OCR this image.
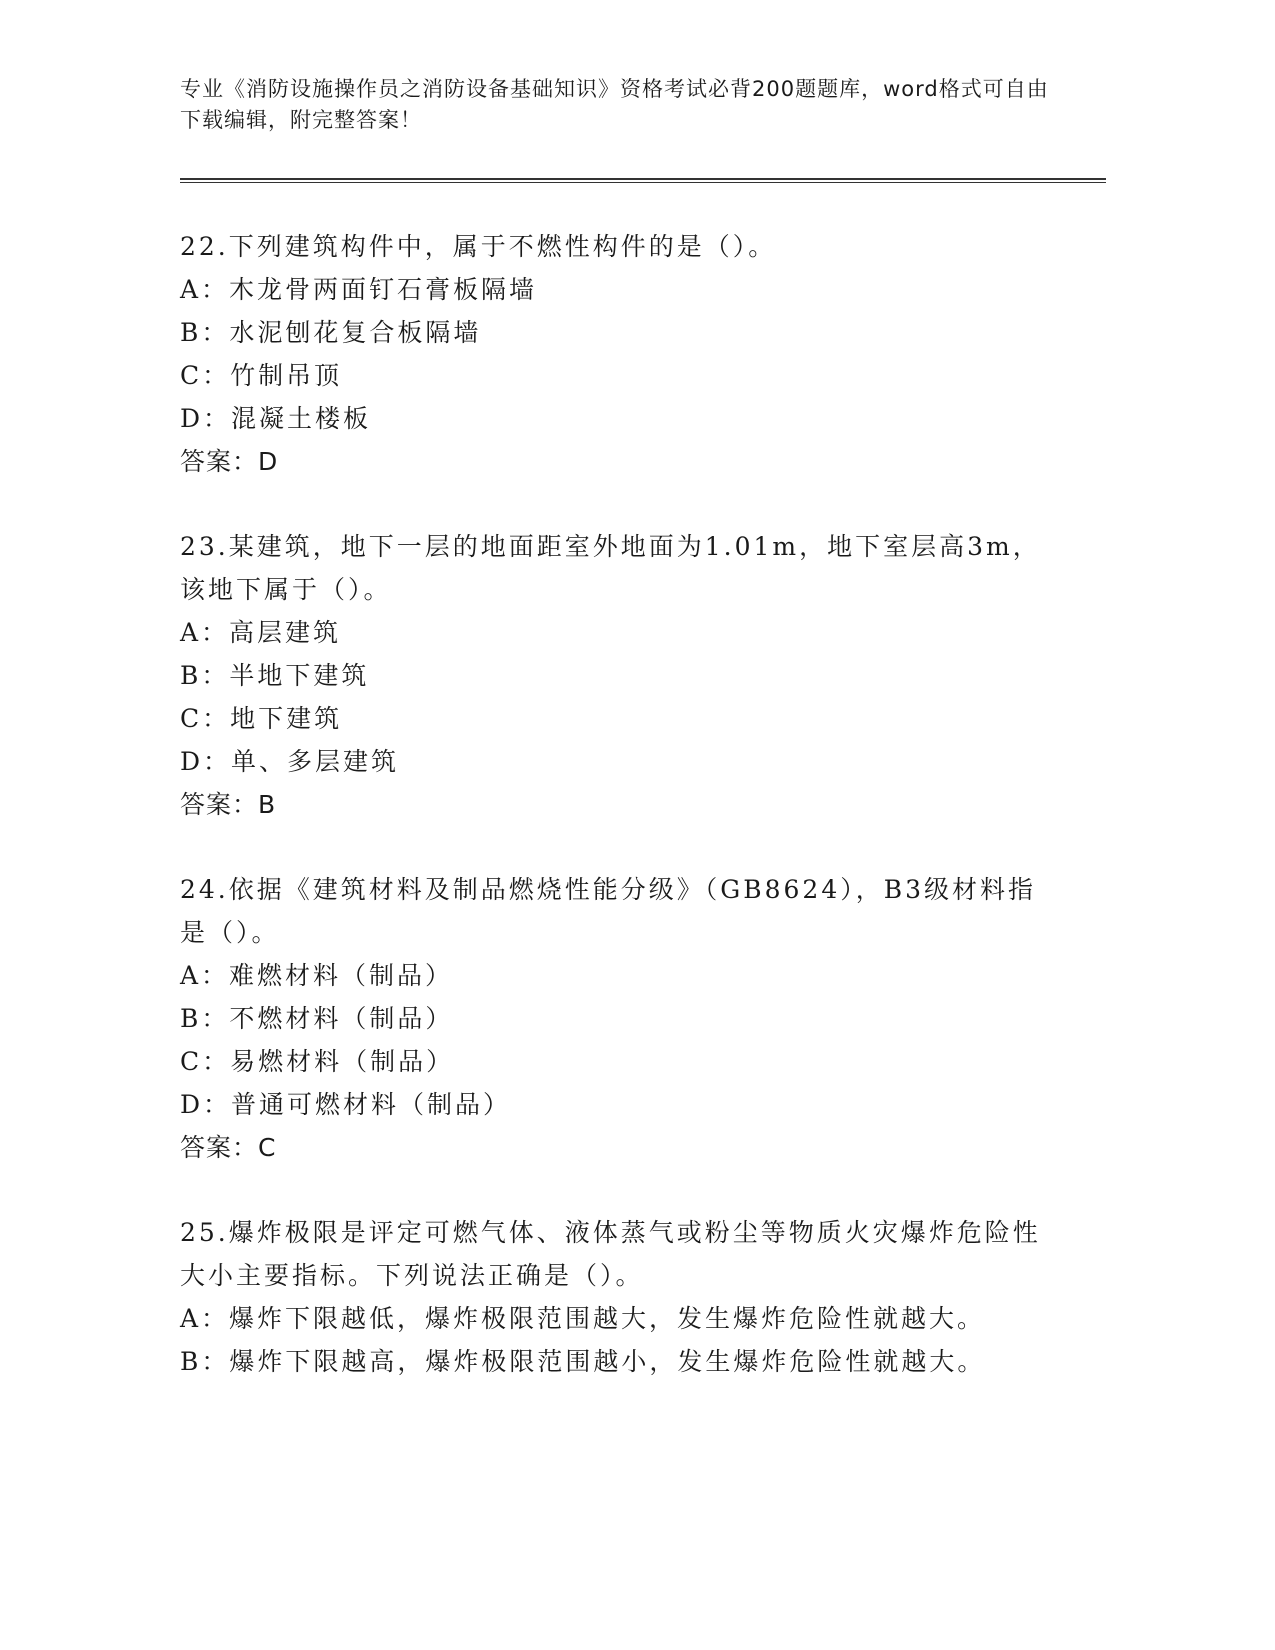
专业《消防设施操作员之消防设备基础知识》资格考试必背200题题库，word格式可自由下载编辑，附完整答案！

22.下列建筑构件中，属于不燃性构件的是（）。

A：木龙骨两面钉石膏板隔墙

B：水泥刨花复合板隔墙

C：竹制吊顶

D：混凝土楼板

答案：D

23.某建筑，地下一层的地面距室外地面为1.01m，地下室层高3m，该地下属于（）。

A：高层建筑

B：半地下建筑

C：地下建筑

D：单、多层建筑

答案：B

24.依据《建筑材料及制品燃烧性能分级》（GB8624），B3级材料指是（）。

A：难燃材料（制品）

B：不燃材料（制品）

C：易燃材料（制品）

D：普通可燃材料（制品）

答案：C

25.爆炸极限是评定可燃气体、液体蒸气或粉尘等物质火灾爆炸危险性大小主要指标。下列说法正确是（）。

A：爆炸下限越低，爆炸极限范围越大，发生爆炸危险性就越大。

B：爆炸下限越高，爆炸极限范围越小，发生爆炸危险性就越大。
